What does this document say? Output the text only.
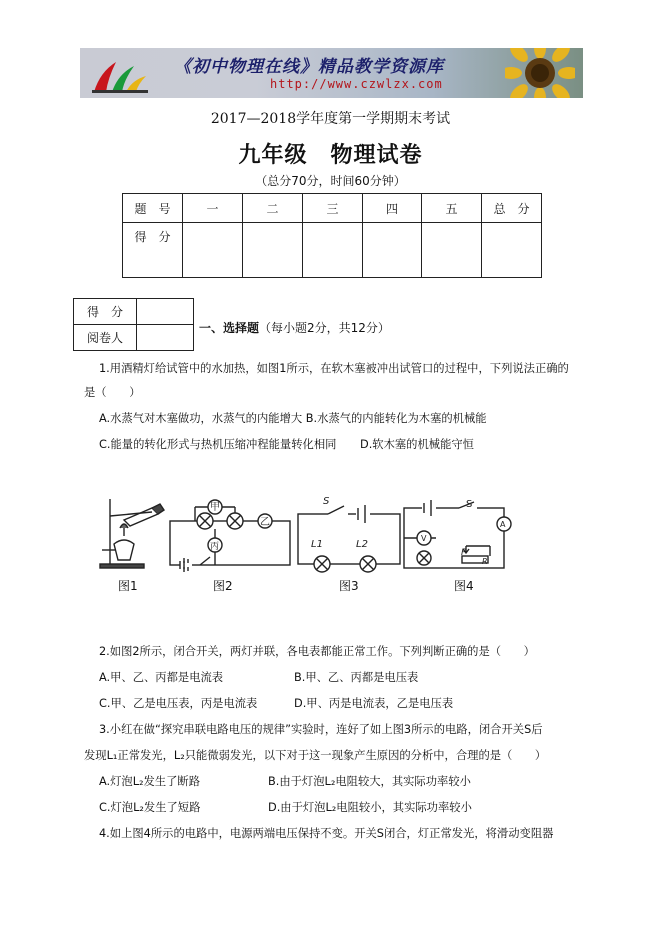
《初中物理在线》精品教学资源库
http://www.czwlzx.com
2017—2018学年度第一学期期末考试
九年级　物理试卷
（总分70分，时间60分钟）
题　号	一	二	三	四	五	总　分
得　分						
得　分	
阅卷人	
一、选择题（每小题2分，共12分）
1.用酒精灯给试管中的水加热，如图1所示，在软木塞被冲出试管口的过程中，下列说法正确的
是（　　）
A.水蒸气对木塞做功，水蒸气的内能增大 B.水蒸气的内能转化为木塞的机械能
C.能量的转化形式与热机压缩冲程能量转化相同 D.软木塞的机械能守恒
甲
乙
丙
S
L1	L2
S
A
V
P
R
图1	图2	图3	图4
2.如图2所示，闭合开关，两灯并联，各电表都能正常工作。下列判断正确的是（　　）
A.甲、乙、丙都是电流表	B.甲、乙、丙都是电压表
C.甲、乙是电压表，丙是电流表	D.甲、丙是电流表，乙是电压表
3.小红在做“探究串联电路电压的规律”实验时，连好了如上图3所示的电路，闭合开关S后
发现L₁正常发光，L₂只能微弱发光，以下对于这一现象产生原因的分析中，合理的是（　　）
A.灯泡L₂发生了断路	B.由于灯泡L₂电阻较大，其实际功率较小
C.灯泡L₂发生了短路	D.由于灯泡L₂电阻较小，其实际功率较小
4.如上图4所示的电路中，电源两端电压保持不变。开关S闭合，灯正常发光，将滑动变阻器
